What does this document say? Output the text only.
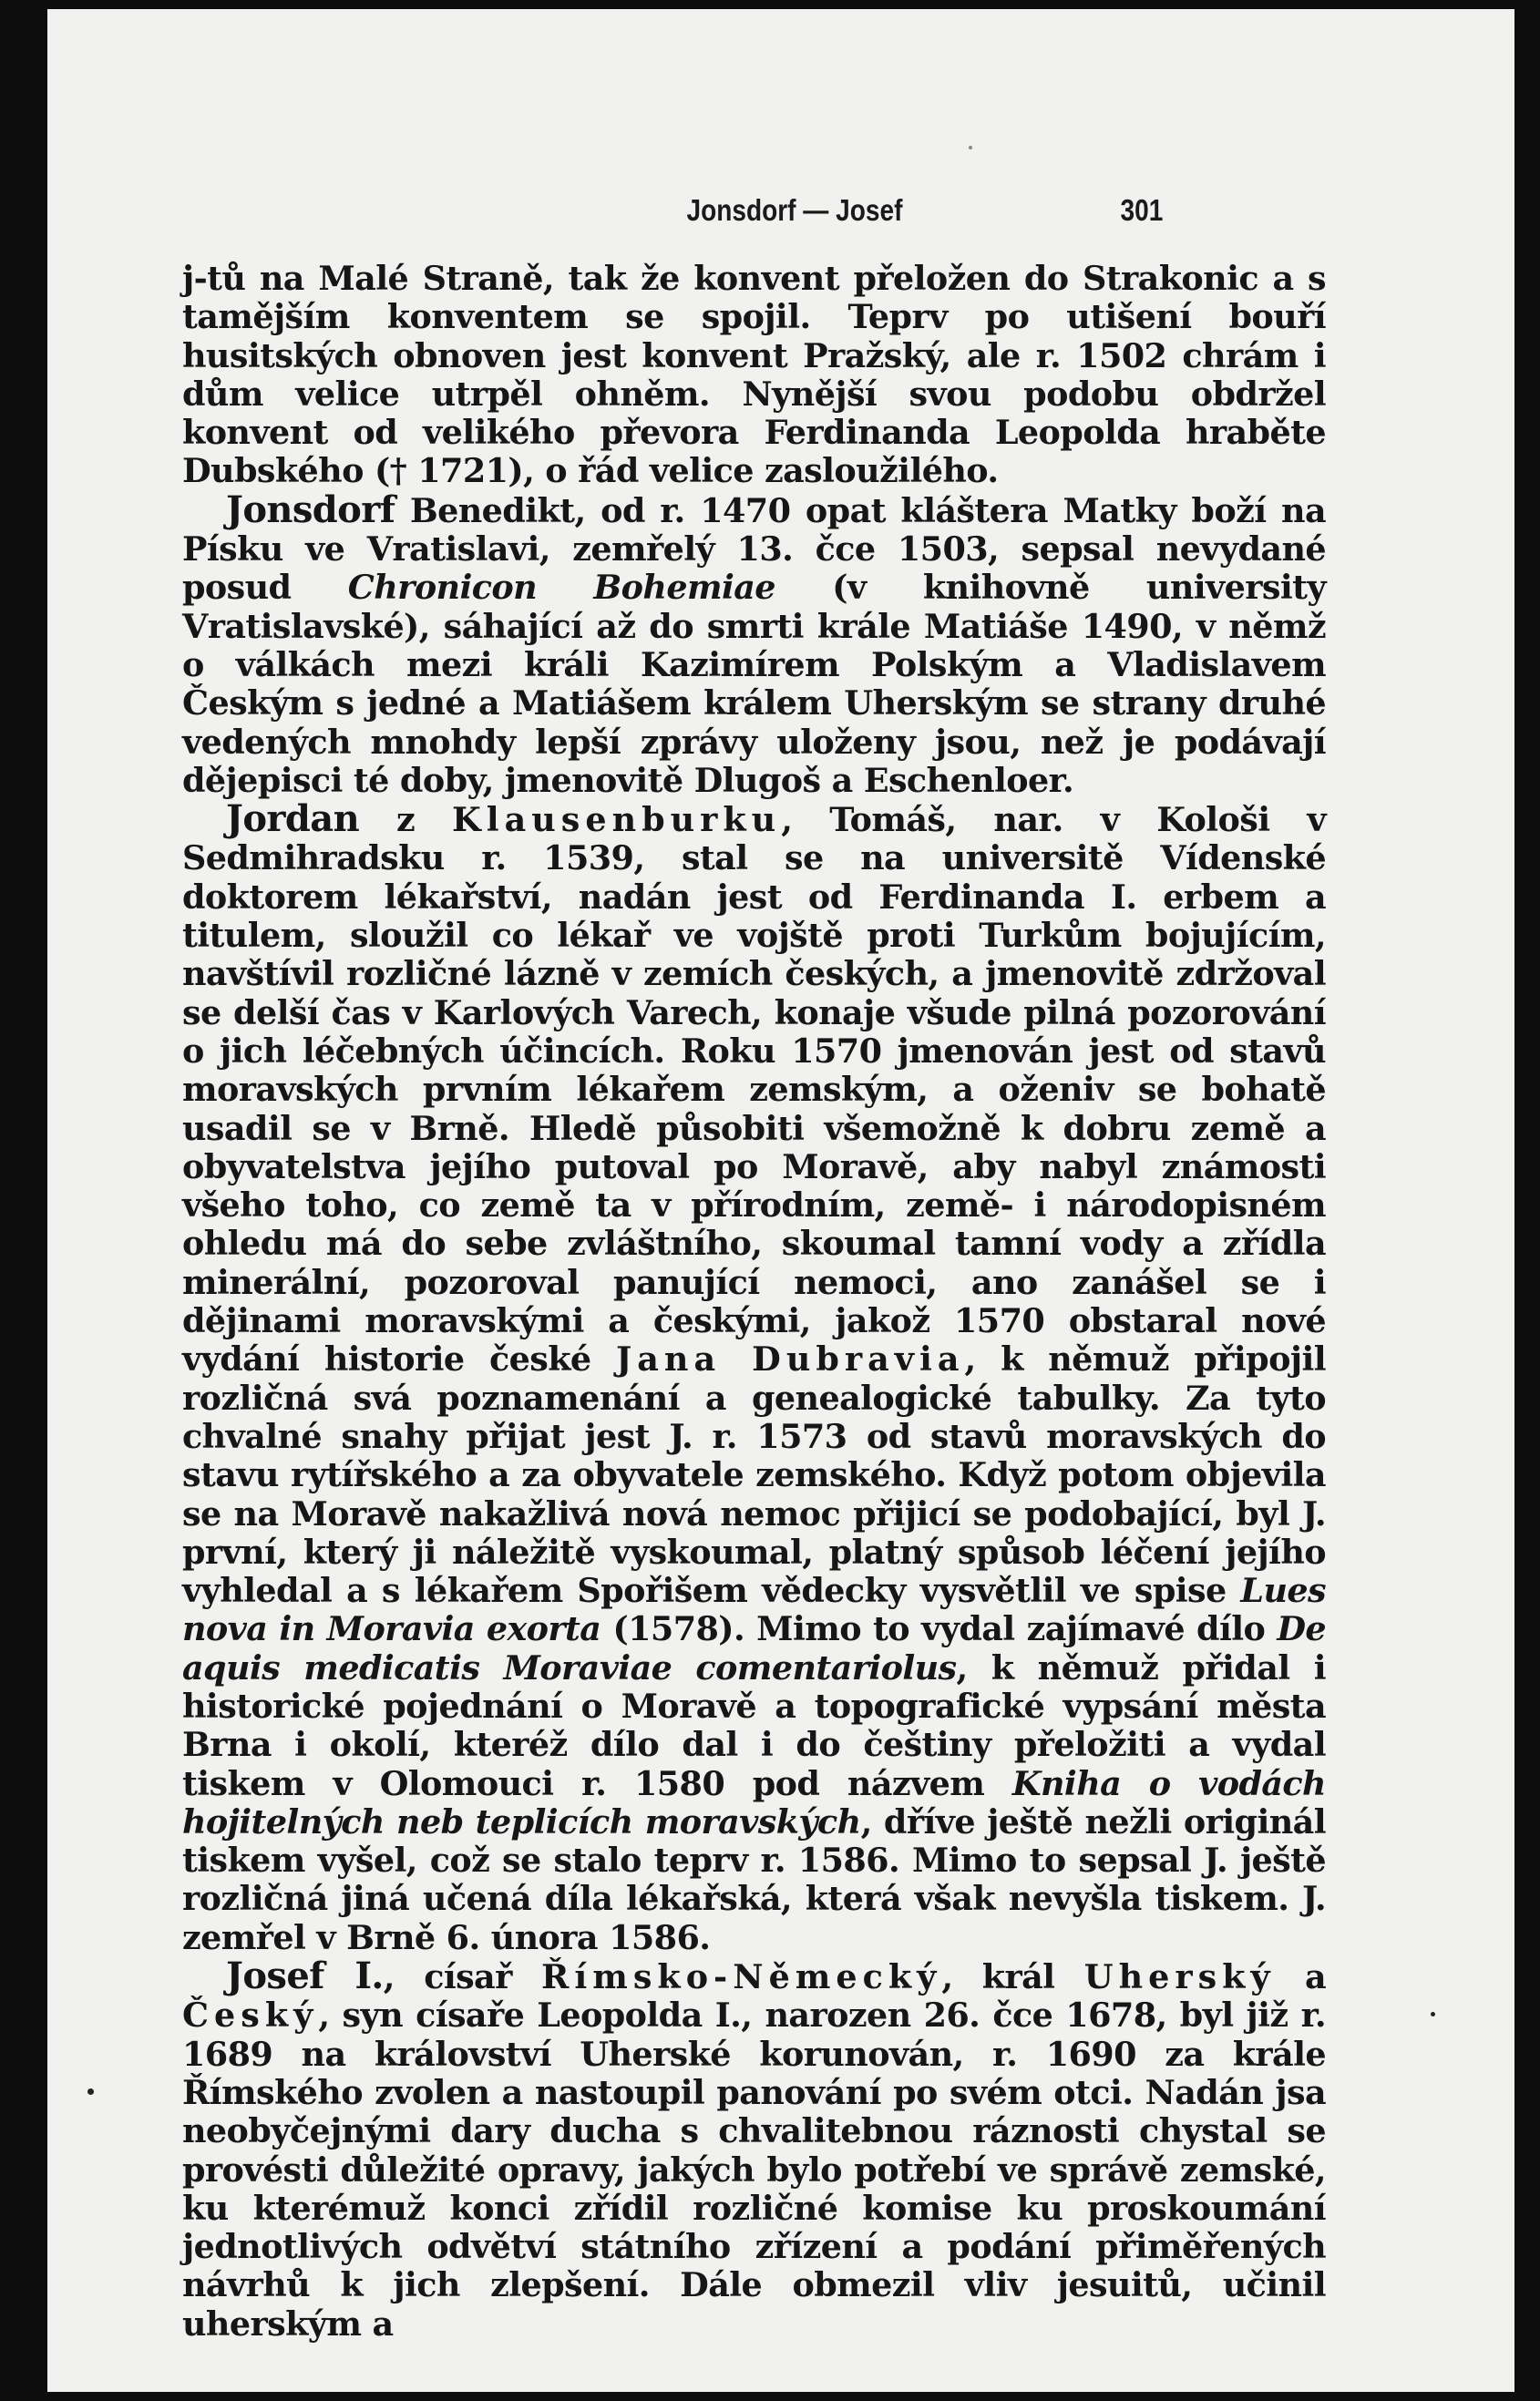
Jonsdorf — Josef	301

j-tů na Malé Straně, tak že konvent přeložen do Strakonic a s tamějším konventem se spojil. Teprv po utišení bouří husitských obnoven jest konvent Pražský, ale r. 1502 chrám i dům velice utrpěl ohněm. Nynější svou podobu obdržel konvent od velikého převora Ferdinanda Leopolda hraběte Dubského († 1721), o řád velice zasloužilého.

Jonsdorf Benedikt, od r. 1470 opat kláštera Matky boží na Písku ve Vratislavi, zemřelý 13. čce 1503, sepsal nevydané posud Chronicon Bohemiae (v knihovně university Vratislavské), sáhající až do smrti krále Matiáše 1490, v němž o válkách mezi králi Kazimírem Polským a Vladislavem Českým s jedné a Matiášem králem Uherským se strany druhé vedených mnohdy lepší zprávy uloženy jsou, než je podávají dějepisci té doby, jmenovitě Dlugoš a Eschenloer.

Jordan z Klausenburku, Tomáš, nar. v Kološi v Sedmihradsku r. 1539, stal se na universitě Vídenské doktorem lékařství, nadán jest od Ferdinanda I. erbem a titulem, sloužil co lékař ve vojště proti Turkům bojujícím, navštívil rozličné lázně v zemích českých, a jmenovitě zdržoval se delší čas v Karlových Varech, konaje všude pilná pozorování o jich léčebných účincích. Roku 1570 jmenován jest od stavů moravských prvním lékařem zemským, a oženiv se bohatě usadil se v Brně. Hledě působiti všemožně k dobru země a obyvatelstva jejího putoval po Moravě, aby nabyl známosti všeho toho, co země ta v přírodním, země- i národopisném ohledu má do sebe zvláštního, skoumal tamní vody a zřídla minerální, pozoroval panující nemoci, ano zanášel se i dějinami moravskými a českými, jakož 1570 obstaral nové vydání historie české Jana Dubravia, k němuž připojil rozličná svá poznamenání a genealogické tabulky. Za tyto chvalné snahy přijat jest J. r. 1573 od stavů moravských do stavu rytířského a za obyvatele zemského. Když potom objevila se na Moravě nakažlivá nová nemoc přijicí se podobající, byl J. první, který ji náležitě vyskoumal, platný spůsob léčení jejího vyhledal a s lékařem Spořišem vědecky vysvětlil ve spise Lues nova in Moravia exorta (1578). Mimo to vydal zajímavé dílo De aquis medicatis Moraviae comentariolus, k němuž přidal i historické pojednání o Moravě a topografické vypsání města Brna i okolí, kteréž dílo dal i do češtiny přeložiti a vydal tiskem v Olomouci r. 1580 pod názvem Kniha o vodách hojitelných neb teplicích moravských, dříve ještě nežli originál tiskem vyšel, což se stalo teprv r. 1586. Mimo to sepsal J. ještě rozličná jiná učená díla lékařská, která však nevyšla tiskem. J. zemřel v Brně 6. února 1586.

Josef I., císař Římsko-Německý, král Uherský a Český, syn císaře Leopolda I., narozen 26. čce 1678, byl již r. 1689 na království Uherské korunován, r. 1690 za krále Římského zvolen a nastoupil panování po svém otci. Nadán jsa neobyčejnými dary ducha s chvalitebnou ráznosti chystal se provésti důležité opravy, jakých bylo potřebí ve správě zemské, ku kterémuž konci zřídil rozličné komise ku proskoumání jednotlivých odvětví státního zřízení a podání přiměřených návrhů k jich zlepšení. Dále obmezil vliv jesuitů, učinil uherským a
